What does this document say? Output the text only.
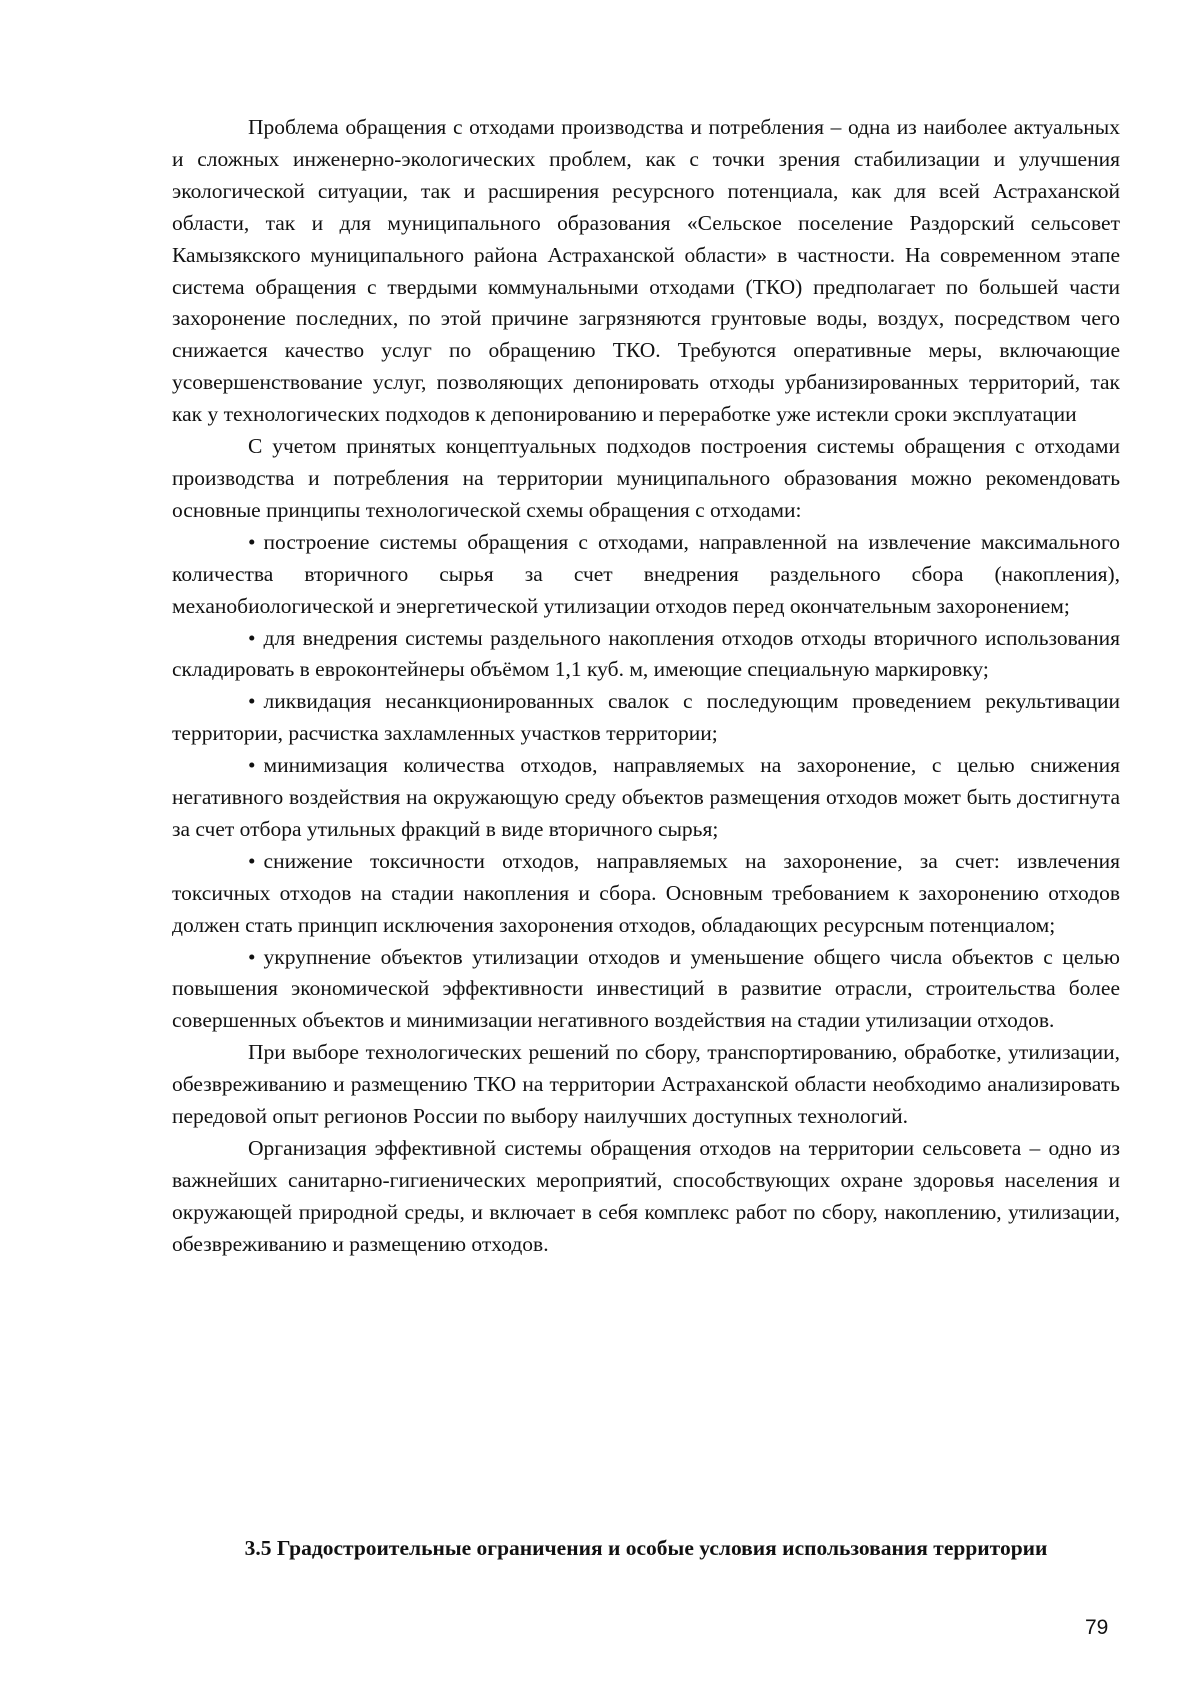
Проблема обращения с отходами производства и потребления – одна из наиболее актуальных и сложных инженерно-экологических проблем, как с точки зрения стабилизации и улучшения экологической ситуации, так и расширения ресурсного потенциала, как для всей Астраханской области, так и для муниципального образования «Сельское поселение Раздорский сельсовет Камызякского муниципального района Астраханской области» в частности. На современном этапе система обращения с твердыми коммунальными отходами (ТКО) предполагает по большей части захоронение последних, по этой причине загрязняются грунтовые воды, воздух, посредством чего снижается качество услуг по обращению ТКО. Требуются оперативные меры, включающие усовершенствование услуг, позволяющих депонировать отходы урбанизированных территорий, так как у технологических подходов к депонированию и переработке уже истекли сроки эксплуатации

С учетом принятых концептуальных подходов построения системы обращения с отходами производства и потребления на территории муниципального образования можно рекомендовать основные принципы технологической схемы обращения с отходами:

• построение системы обращения с отходами, направленной на извлечение максимального количества вторичного сырья за счет внедрения раздельного сбора (накопления), механобиологической и энергетической утилизации отходов перед окончательным захоронением;

• для внедрения системы раздельного накопления отходов отходы вторичного использования складировать в евроконтейнеры объёмом 1,1 куб. м, имеющие специальную маркировку;

• ликвидация несанкционированных свалок с последующим проведением рекультивации территории, расчистка захламленных участков территории;

• минимизация количества отходов, направляемых на захоронение, с целью снижения негативного воздействия на окружающую среду объектов размещения отходов может быть достигнута за счет отбора утильных фракций в виде вторичного сырья;

• снижение токсичности отходов, направляемых на захоронение, за счет: извлечения токсичных отходов на стадии накопления и сбора. Основным требованием к захоронению отходов должен стать принцип исключения захоронения отходов, обладающих ресурсным потенциалом;

• укрупнение объектов утилизации отходов и уменьшение общего числа объектов с целью повышения экономической эффективности инвестиций в развитие отрасли, строительства более совершенных объектов и минимизации негативного воздействия на стадии утилизации отходов.

При выборе технологических решений по сбору, транспортированию, обработке, утилизации, обезвреживанию и размещению ТКО на территории Астраханской области необходимо анализировать передовой опыт регионов России по выбору наилучших доступных технологий.

Организация эффективной системы обращения отходов на территории сельсовета – одно из важнейших санитарно-гигиенических мероприятий, способствующих охране здоровья населения и окружающей природной среды, и включает в себя комплекс работ по сбору, накоплению, утилизации, обезвреживанию и размещению отходов.

3.5 Градостроительные ограничения и особые условия использования территории
79
